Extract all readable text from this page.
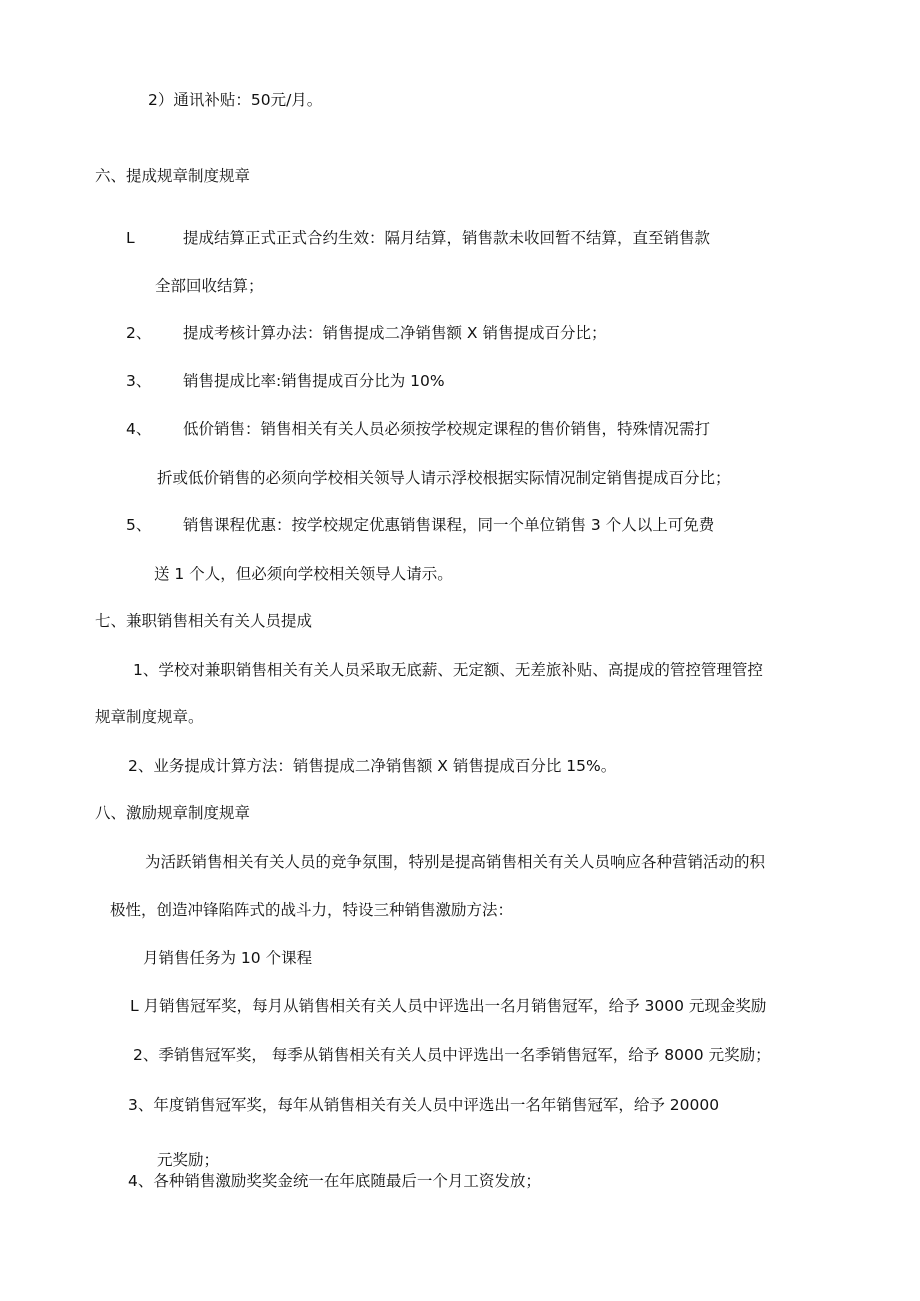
2）通讯补贴：50元/月。
六、提成规章制度规章
L	提成结算正式正式合约生效：隔月结算，销售款未收回暂不结算，直至销售款
全部回收结算；
2、 提成考核计算办法：销售提成二净销售额 X 销售提成百分比；
3、 销售提成比率:销售提成百分比为 10%
4、 低价销售：销售相关有关人员必须按学校规定课程的售价销售，特殊情况需打
折或低价销售的必须向学校相关领导人请示浮校根据实际情况制定销售提成百分比；
5、 销售课程优惠：按学校规定优惠销售课程，同一个单位销售 3 个人以上可免费
送 1 个人，但必须向学校相关领导人请示。
七、兼职销售相关有关人员提成
1、学校对兼职销售相关有关人员采取无底薪、无定额、无差旅补贴、高提成的管控管理管控
规章制度规章。
2、业务提成计算方法：销售提成二净销售额 X 销售提成百分比 15%。
八、激励规章制度规章
为活跃销售相关有关人员的竞争氛围，特别是提高销售相关有关人员响应各种营销活动的积
极性，创造冲锋陷阵式的战斗力，特设三种销售激励方法：
月销售任务为 10 个课程
L 月销售冠军奖，每月从销售相关有关人员中评选出一名月销售冠军，给予 3000 元现金奖励
2、季销售冠军奖， 每季从销售相关有关人员中评选出一名季销售冠军，给予 8000 元奖励；
3、年度销售冠军奖，每年从销售相关有关人员中评选出一名年销售冠军，给予 20000
元奖励；
4、各种销售激励奖奖金统一在年底随最后一个月工资发放；
